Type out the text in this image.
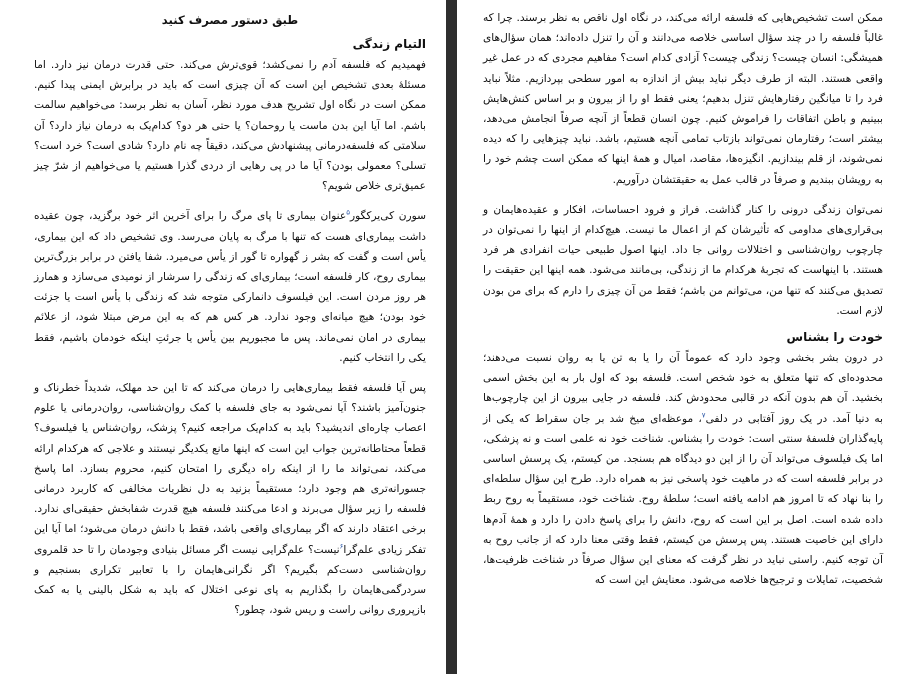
طبق دستور مصرف کنید
التیام زندگی

فهمیدیم که فلسفه آدم را نمی‌کشد؛ قوی‌ترش می‌کند. حتی قدرت درمان نیز دارد. اما مسئلهٔ بعدی تشخیص این است که آن چیزی است که باید در برابرش ایمنی پیدا کنیم. ممکن است در نگاه اول تشریح هدف مورد نظر، آسان به نظر برسد: می‌خواهیم سالمت باشم. اما آیا این بدن ماست یا روحمان؟ یا حتی هر دو؟ کدام‌یک به درمان نیاز دارد؟ آن سلامتی که فلسفه‌درمانی پیشنهادش می‌کند، دقیقاً چه نام دارد؟ شادی است؟ خرد است؟ تسلی؟ معمولی بودن؟ آیا ما در پی رهایی از دردی گذرا هستیم یا می‌خواهیم از شرّ چیز عمیق‌تری خلاص شویم؟

سورن کی‌یرکگور$^۵$عنوان بیماری تا پای مرگ را برای آخرین اثر خود برگزید، چون عقیده داشت بیماری‌ای هست که تنها با مرگ به پایان می‌رسد. وی تشخیص داد که این بیماری، یأس است و گفت که بشر ز گهواره تا گور از یأس می‌میرد. شفا یافتن در برابر بزرگ‌ترین بیماری روح، کار فلسفه است؛ بیماری‌ای که زندگی را سرشار از نومیدی می‌سازد و همارز هر روز مردن است. این فیلسوف دانمارکی متوجه شد که زندگی با یأس است یا جزئت خود بودن؛ هیچ میانه‌ای وجود ندارد. هر کس هم که به این مرض مبتلا شود، از علائم بیماری در امان نمی‌ماند. پس ما مجبوریم بین یأس یا جرئتِ اینکه خودمان باشیم، فقط یکی را انتخاب کنیم.

پس آیا فلسفه فقط بیماری‌هایی را درمان می‌کند که تا این حد مهلک، شدیداً خطرناک و جنون‌آمیز باشند؟ آیا نمی‌شود به جای فلسفه با کمک روان‌شناسی، روان‌درمانی یا علوم اعصاب چاره‌ای اندیشید؟ باید به کدام‌یک مراجعه کنیم؟ پزشک، روان‌شناس یا فیلسوف؟ قطعاً محتاطانه‌ترین جواب این است که اینها مانع یکدیگر نیستند و علاجی که هرکدام ارائه می‌کند، نمی‌تواند ما را از اینکه راه دیگری را امتحان کنیم، محروم بسازد. اما پاسخ جسورانه‌تری هم وجود دارد؛ مستقیماً بزنید به دل نظریات مخالفی که کاربرد درمانی فلسفه را زیر سؤال می‌برند و ادعا می‌کنند فلسفه هیچ قدرت شفابخش حقیقی‌ای ندارد. برخی اعتقاد دارند که اگر بیماری‌ای واقعی باشد، فقط با دانش درمان می‌شود؛ اما آیا این تفکر زیادی علم‌گرا$^۶$نیست؟ علم‌گرایی نیست اگر مسائل بنیادی وجودمان را تا حد قلمروی روان‌شناسی دست‌کم بگیریم؟ اگر نگرانی‌هایمان را با تعابیر تکراری بسنجیم و سردرگمی‌هایمان را بگذاریم به پای نوعی اختلال که باید به شکل بالینی یا به کمک بازپروری روانی راست و ریس شود، چطور؟

ممکن است تشخیص‌هایی که فلسفه ارائه می‌کند، در نگاه اول ناقص به نظر برسند. چرا که غالباً فلسفه را در چند سؤال اساسی خلاصه می‌دانند و آن را تنزل داده‌اند؛ همان سؤال‌های همیشگی: انسان چیست؟ زندگی چیست؟ آزادی کدام است؟ مفاهیم مجردی که در عمل غیر واقعی هستند. البته از طرف دیگر نباید بیش از اندازه به امور سطحی بپردازیم. مثلاً نباید فرد را تا میانگین رفتارهایش تنزل بدهیم؛ یعنی فقط او را از بیرون و بر اساس کنش‌هایش ببینیم و باطن اتفاقات را فراموش کنیم. چون انسان قطعاً از آنچه صرفاً انجامش می‌دهد، بیشتر است؛ رفتارمان نمی‌تواند بازتاب تمامی آنچه هستیم، باشد. نباید چیزهایی را که دیده نمی‌شوند، از قلم بیندازیم. انگیزه‌ها، مقاصد، امیال و همهٔ اینها که ممکن است چشم خود را به رویشان ببندیم و صرفاً در قالب عمل به حقیقتشان درآوریم.

نمی‌توان زندگی درونی را کنار گذاشت. فراز و فرود احساسات، افکار و عقیده‌هایمان و بی‌قراری‌های مداومی که تأثیرشان کم از اعمال ما نیست. هیچ‌کدام از اینها را نمی‌توان در چارچوب روان‌شناسی و اختلالات روانی جا داد. اینها اصول طبیعی حیات انفرادی هر فرد هستند. با اینهاست که تجربهٔ هرکدام ما از زندگی، بی‌مانند می‌شود. همه اینها این حقیقت را تصدیق می‌کنند که تنها من، می‌توانم من باشم؛ فقط من آن چیزی را دارم که برای من بودن لازم است.

خودت را بشناس

در درون بشر بخشی وجود دارد که عموماً آن را یا به تن یا به روان نسبت می‌دهند؛ محدوده‌ای که تنها متعلق به خود شخص است. فلسفه بود که اول بار به این بخش اسمی بخشید. آن هم بدون آنکه در قالبی محدودش کند. فلسفه در جایی بیرون از این چارچوب‌ها به دنیا آمد. در یک روز آفتابی در دلفی$^۷$، موعظه‌ای میخ شد بر جان سقراط که یکی از پایه‌گذاران فلسفهٔ سنتی است: خودت را بشناس. شناخت خود نه علمی است و نه پزشکی، اما یک فیلسوف می‌تواند آن را از این دو دیدگاه هم بسنجد. من کیستم، یک پرسش اساسی در برابر فلسفه است که در ماهیت خود پاسخی نیز به همراه دارد. طرح این سؤال سلطه‌ای را بنا نهاد که تا امروز هم ادامه یافته است؛ سلطهٔ روح. شناخت خود، مستقیماً به روح ربط داده شده است. اصل بر این است که روح، دانش را برای پاسخ دادن را دارد و همهٔ آدم‌ها دارای این خاصیت هستند. پس پرسش من کیستم، فقط وقتی معنا دارد که از جانب روح به آن توجه کنیم. راستی نباید در نظر گرفت که معنای این سؤال صرفاً در شناخت ظرفیت‌ها، شخصیت، تمایلات و ترجیح‌ها خلاصه می‌شود. معنایش این است که
